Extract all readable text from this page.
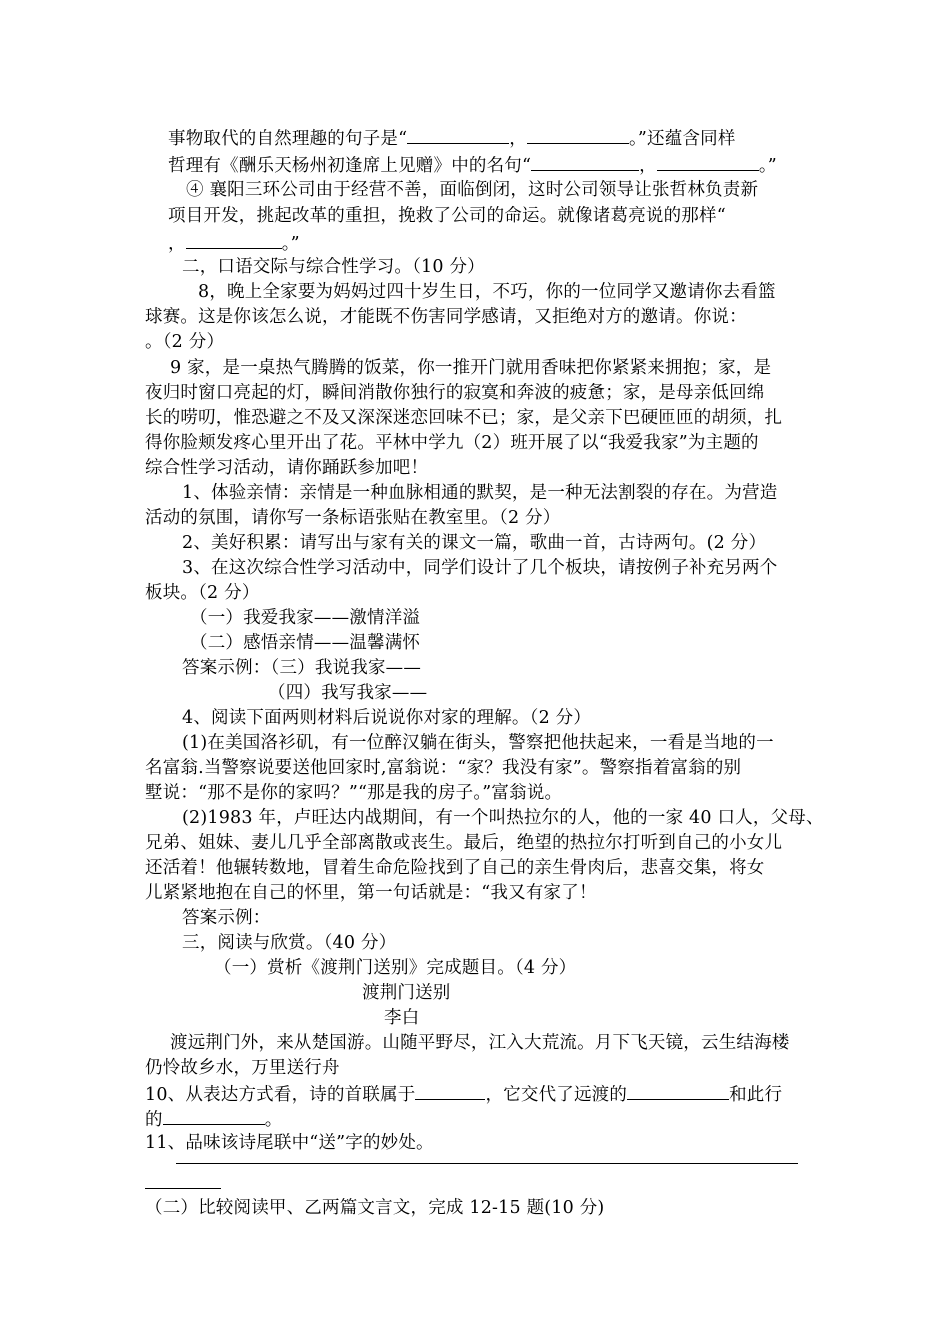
事物取代的自然理趣的句子是“	，	。”还蕴含同样
哲理有《酬乐天杨州初逢席上见赠》中的名句“	，	。”
④ 襄阳三环公司由于经营不善，面临倒闭，这时公司领导让张哲林负责新
项目开发，挑起改革的重担，挽救了公司的命运。就像诸葛亮说的那样“
，	。”
二，口语交际与综合性学习。（10 分）
8，晚上全家要为妈妈过四十岁生日，不巧，你的一位同学又邀请你去看篮
球赛。这是你该怎么说，才能既不伤害同学感请，又拒绝对方的邀请。你说：
。（2 分）
9 家，是一桌热气腾腾的饭菜，你一推开门就用香味把你紧紧来拥抱；家，是
夜归时窗口亮起的灯，瞬间消散你独行的寂寞和奔波的疲惫；家，是母亲低回绵
长的唠叨，惟恐避之不及又深深迷恋回味不已；家，是父亲下巴硬匝匝的胡须，扎
得你脸颊发疼心里开出了花。平林中学九（2）班开展了以“我爱我家”为主题的
综合性学习活动，请你踊跃参加吧！
1、体验亲情：亲情是一种血脉相通的默契，是一种无法割裂的存在。为营造
活动的氛围，请你写一条标语张贴在教室里。（2 分）
2、美好积累：请写出与家有关的课文一篇，歌曲一首，古诗两句。(2 分）
3、在这次综合性学习活动中，同学们设计了几个板块，请按例子补充另两个
板块。（2 分）
（一）我爱我家——激情洋溢
（二）感悟亲情——温馨满怀
答案示例：（三）我说我家——
（四）我写我家——
4、阅读下面两则材料后说说你对家的理解。（2 分）
(1)在美国洛衫矶，有一位醉汉躺在街头，警察把他扶起来，一看是当地的一
名富翁.当警察说要送他回家时,富翁说：“家？我没有家”。警察指着富翁的别
墅说：“那不是你的家吗？”“那是我的房子。”富翁说。
(2)1983 年，卢旺达内战期间，有一个叫热拉尔的人，他的一家 40 口人，父母、
兄弟、姐妹、妻儿几乎全部离散或丧生。最后，绝望的热拉尔打听到自己的小女儿
还活着！他辗转数地，冒着生命危险找到了自己的亲生骨肉后，悲喜交集，将女
儿紧紧地抱在自己的怀里，第一句话就是：“我又有家了！
答案示例：
三，阅读与欣赏。（40 分）
（一）赏析《渡荆门送别》完成题目。（4 分）
渡荆门送别
李白
渡远荆门外，来从楚国游。山随平野尽，江入大荒流。月下飞天镜，云生结海楼
仍怜故乡水，万里送行舟
10、从表达方式看，诗的首联属于	，它交代了远渡的	和此行
的	。
11、品味该诗尾联中“送”字的妙处。
（二）比较阅读甲、乙两篇文言文，完成 12-15 题(10 分)
